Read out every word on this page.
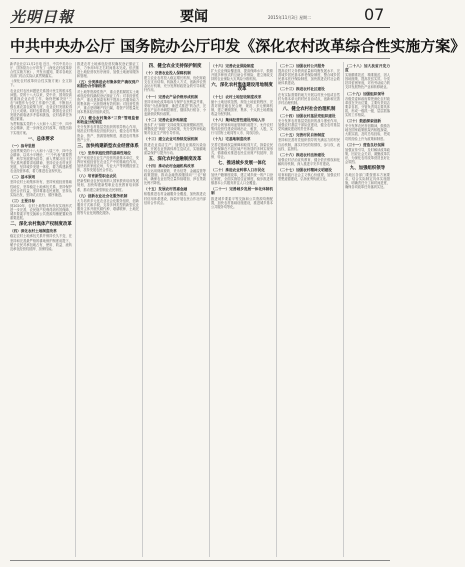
光明日報	要闻	2015年11月3日 星期二	07
中共中央办公厅 国务院办公厅印发《深化农村改革综合性实施方案》

新华社北京11月2日电 近日，中共中央办公厅、国务院办公厅印发了《深化农村改革综合性实施方案》，并发出通知，要求各地区各部门结合实际认真贯彻落实。

《深化农村改革综合性实施方案》全文如下。

农业农村农民问题是关系国计民生的根本性问题。党的十八大以来，党中央、国务院高度重视农业农村工作，始终把解决好“三农”问题作为全党工作重中之重，不断加大强农惠农富农政策力度，农业农村发展取得了巨大成就。同时也要看到，我国农业农村发展仍面临诸多矛盾和挑战，农村改革任务艰巨繁重。

为贯彻落实党的十八大和十八届三中、四中全会精神，进一步深化农村改革，现提出如下实施方案。

一、总体要求
（一）指导思想

全面贯彻党的十八大和十八届三中、四中全会精神，以邓小平理论、“三个代表”重要思想、科学发展观为指导，深入贯彻习近平总书记系列重要讲话精神，坚持农业农村优先发展，坚持城乡发展一体化，着力构建新型农业经营体系，着力推进农业现代化。

（二）基本原则

坚持农村土地集体所有，坚持家庭经营基础性地位，坚持稳定土地承包关系，坚持保护农民合法权益，坚持尊重农民意愿，坚持从实际出发，坚持试点先行、循序渐进。

（三）主要目标

到2020年，农村土地集体所有权实现形式进一步完善，农民财产权利得到有效保障，城乡要素平等交换和公共资源均衡配置取得重要进展。

二、深化农村集体产权制度改革
（四）深化农村土地制度改革

稳定农村土地承包关系并保持长久不变，在坚持和完善最严格的耕地保护制度前提下，赋予农民对承包地占有、使用、收益、流转及承包经营权抵押、担保权能。

推进农村土地承包经营权确权登记颁证工作，力争用5年左右时间基本完成。依法推进土地经营权有序流转，加强土地流转服务和管理。

（五）分类推进农村集体资产确权到户和股份合作制改革

对土地等资源性资产，重点是抓紧抓实土地承包经营权确权登记颁证工作；对非经营性资产，重点是探索有利于提高公共服务能力的集体统一运营管理有效机制；对经营性资产，重点是明晰产权归属，将资产折股量化到本集体经济组织成员。

（六）健全农村集体“三资”管理监督和收益分配制度

充分发挥农村基层党组织的领导核心作用，规范农村集体经济组织运行，健全农村集体资金、资产、资源管理制度，推进农村集体资产公开。

三、加快构建新型农业经营体系
（七）坚持家庭经营的基础性地位

农户家庭是农业生产经营的最基本单位，发挥好家庭经营在农业生产中的基础性作用，加快培育家庭农场、专业大户等规模经营主体，扶持发展农民合作社。

（八）培育新型职业农民

把新型职业农民培育纳入国家教育培训发展规划，加快构建新型职业农民教育培训体系，推动建立新型职业农民制度。

（九）创新农业社会化服务机制

大力培育多元化农业社会化服务组织，创新服务方式和手段，支持多种类型的新型农业服务主体开展代耕代种、联耕联种、土地托管等专业化规模化服务。

四、健全农业支持保护制度
（十）完善农业投入保障机制

建立农业农村投入稳定增长机制，优化财政支农支出结构，转换投入方式，创新涉农资金运行机制，充分发挥财政资金的引导和杠杆作用。

（十一）完善农产品价格形成机制

坚持市场化改革取向与保护农民利益并重，采取“分品种施策、渐进式推进”的办法，完善农产品市场调控制度，继续执行稻谷、小麦最低收购价政策。

（十二）完善农业补贴制度

逐步扩大“绿箱”支持政策实施规模和范围，调整改进“黄箱”支持政策，充分发挥补贴政策对农业生产的引导作用。

（十三）建立农业可持续发展机制

推进农业清洁生产，加强农业面源污染治理，开展农业资源休养生息试点，实施耕地质量保护与提升行动。

五、深化农村金融制度改革
（十四）推动农村金融机构改革

综合运用财政税收、货币信贷、金融监管等政策措施，推动金融资源继续向“三农”倾斜，确保农业信贷总量持续增加、涉农贷款比例不降低。

（十五）发展农村普惠金融

积极推进农村金融服务全覆盖，加快推进农村信用体系建设，探索开展农民合作社内部信用合作试点。

（十六）完善农业保险制度

扩大农业保险覆盖面，提高保障水平，鼓励开展多种形式的互助合作保险，建立财政支持的农业保险大灾风险分散机制。

六、深化农村集体建设用地制度改革
（十七）农村土地征收制度改革

缩小土地征收范围，规范土地征收程序，完善对被征地农民合理、规范、多元保障机制，建立兼顾国家、集体、个人的土地增值收益分配机制。

（十八）集体经营性建设用地入市

在符合规划和用途管制的前提下，允许农村集体经营性建设用地出让、租赁、入股，实行与国有土地同等入市、同权同价。

（十九）宅基地制度改革

完善宅基地权益保障和取得方式，探索农民住房保障在不同区域户有所居的多种实现形式，慎重稳妥推进农民住房财产权抵押、担保、转让。

七、推进城乡发展一体化
（二十）推进农业转移人口市民化

加快户籍制度改革，建立城乡统一的户口登记制度，全面实施居住证制度，稳步推进城镇基本公共服务常住人口全覆盖。

（二十一）完善城乡发展一体化体制机制

推进城乡要素平等交换和公共资源均衡配置，加快农村基础设施建设，推进城乡基本公共服务均等化。

（二十二）加强农村公共服务

提高农村义务教育质量和均衡发展水平，完善城乡居民基本养老保险制度，整合城乡居民基本医疗保险制度，加快推进农村社会救助体系建设。

（二十三）推进农村社区建设

在有实际需要的地方开展以村民小组或自然村为基本单元的村民自治试点，创新和完善乡村治理机制。

八、健全农村社会治理机制
（二十四）加强农村基层党组织建设

充分发挥农村基层党组织的战斗堡垒作用，加强农村基层干部队伍建设，健全农村基层党风廉政建设的责任体系。

（二十五）完善村民自治制度

坚持和完善村党组织领导的充满活力的村民自治机制，落实村民的知情权、参与权、表达权、监督权。

（二十六）推进农村法治建设

加强农村法治宣传教育，健全依法维权和化解纠纷机制，深入推进平安乡村建设。

（二十七）加强农村精神文明建设

培育和践行社会主义核心价值观，加强农村思想道德建设，弘扬优秀传统文化。

（二十八）加大扶贫开发力度

实施精准扶贫、精准脱贫，因人因地施策，提高扶贫实效。分类扶持贫困家庭，对有劳动能力的支持发展特色产业和转移就业。

（二十九）加强组织领导

各级党委和政府要把深化农村改革放在突出位置，主要负责同志要亲自抓，分管负责同志要具体抓，形成一级抓一级、层层抓落实的工作格局。

（三十）鼓励探索创新

充分发挥农民首创精神，鼓励各地在国家政策框架内积极探索，大胆实践，及时总结经验，把成功的经验上升为政策和制度。

（三十一）营造良好氛围

加强宣传引导，及时解读改革政策，回应社会关切，凝聚改革共识，为深化农村改革营造良好社会氛围。

九、加强组织领导

各地区各部门要按照本方案要求，结合实际制定具体实施措施，明确责任分工和时间进度，确保各项改革任务落到实处。
